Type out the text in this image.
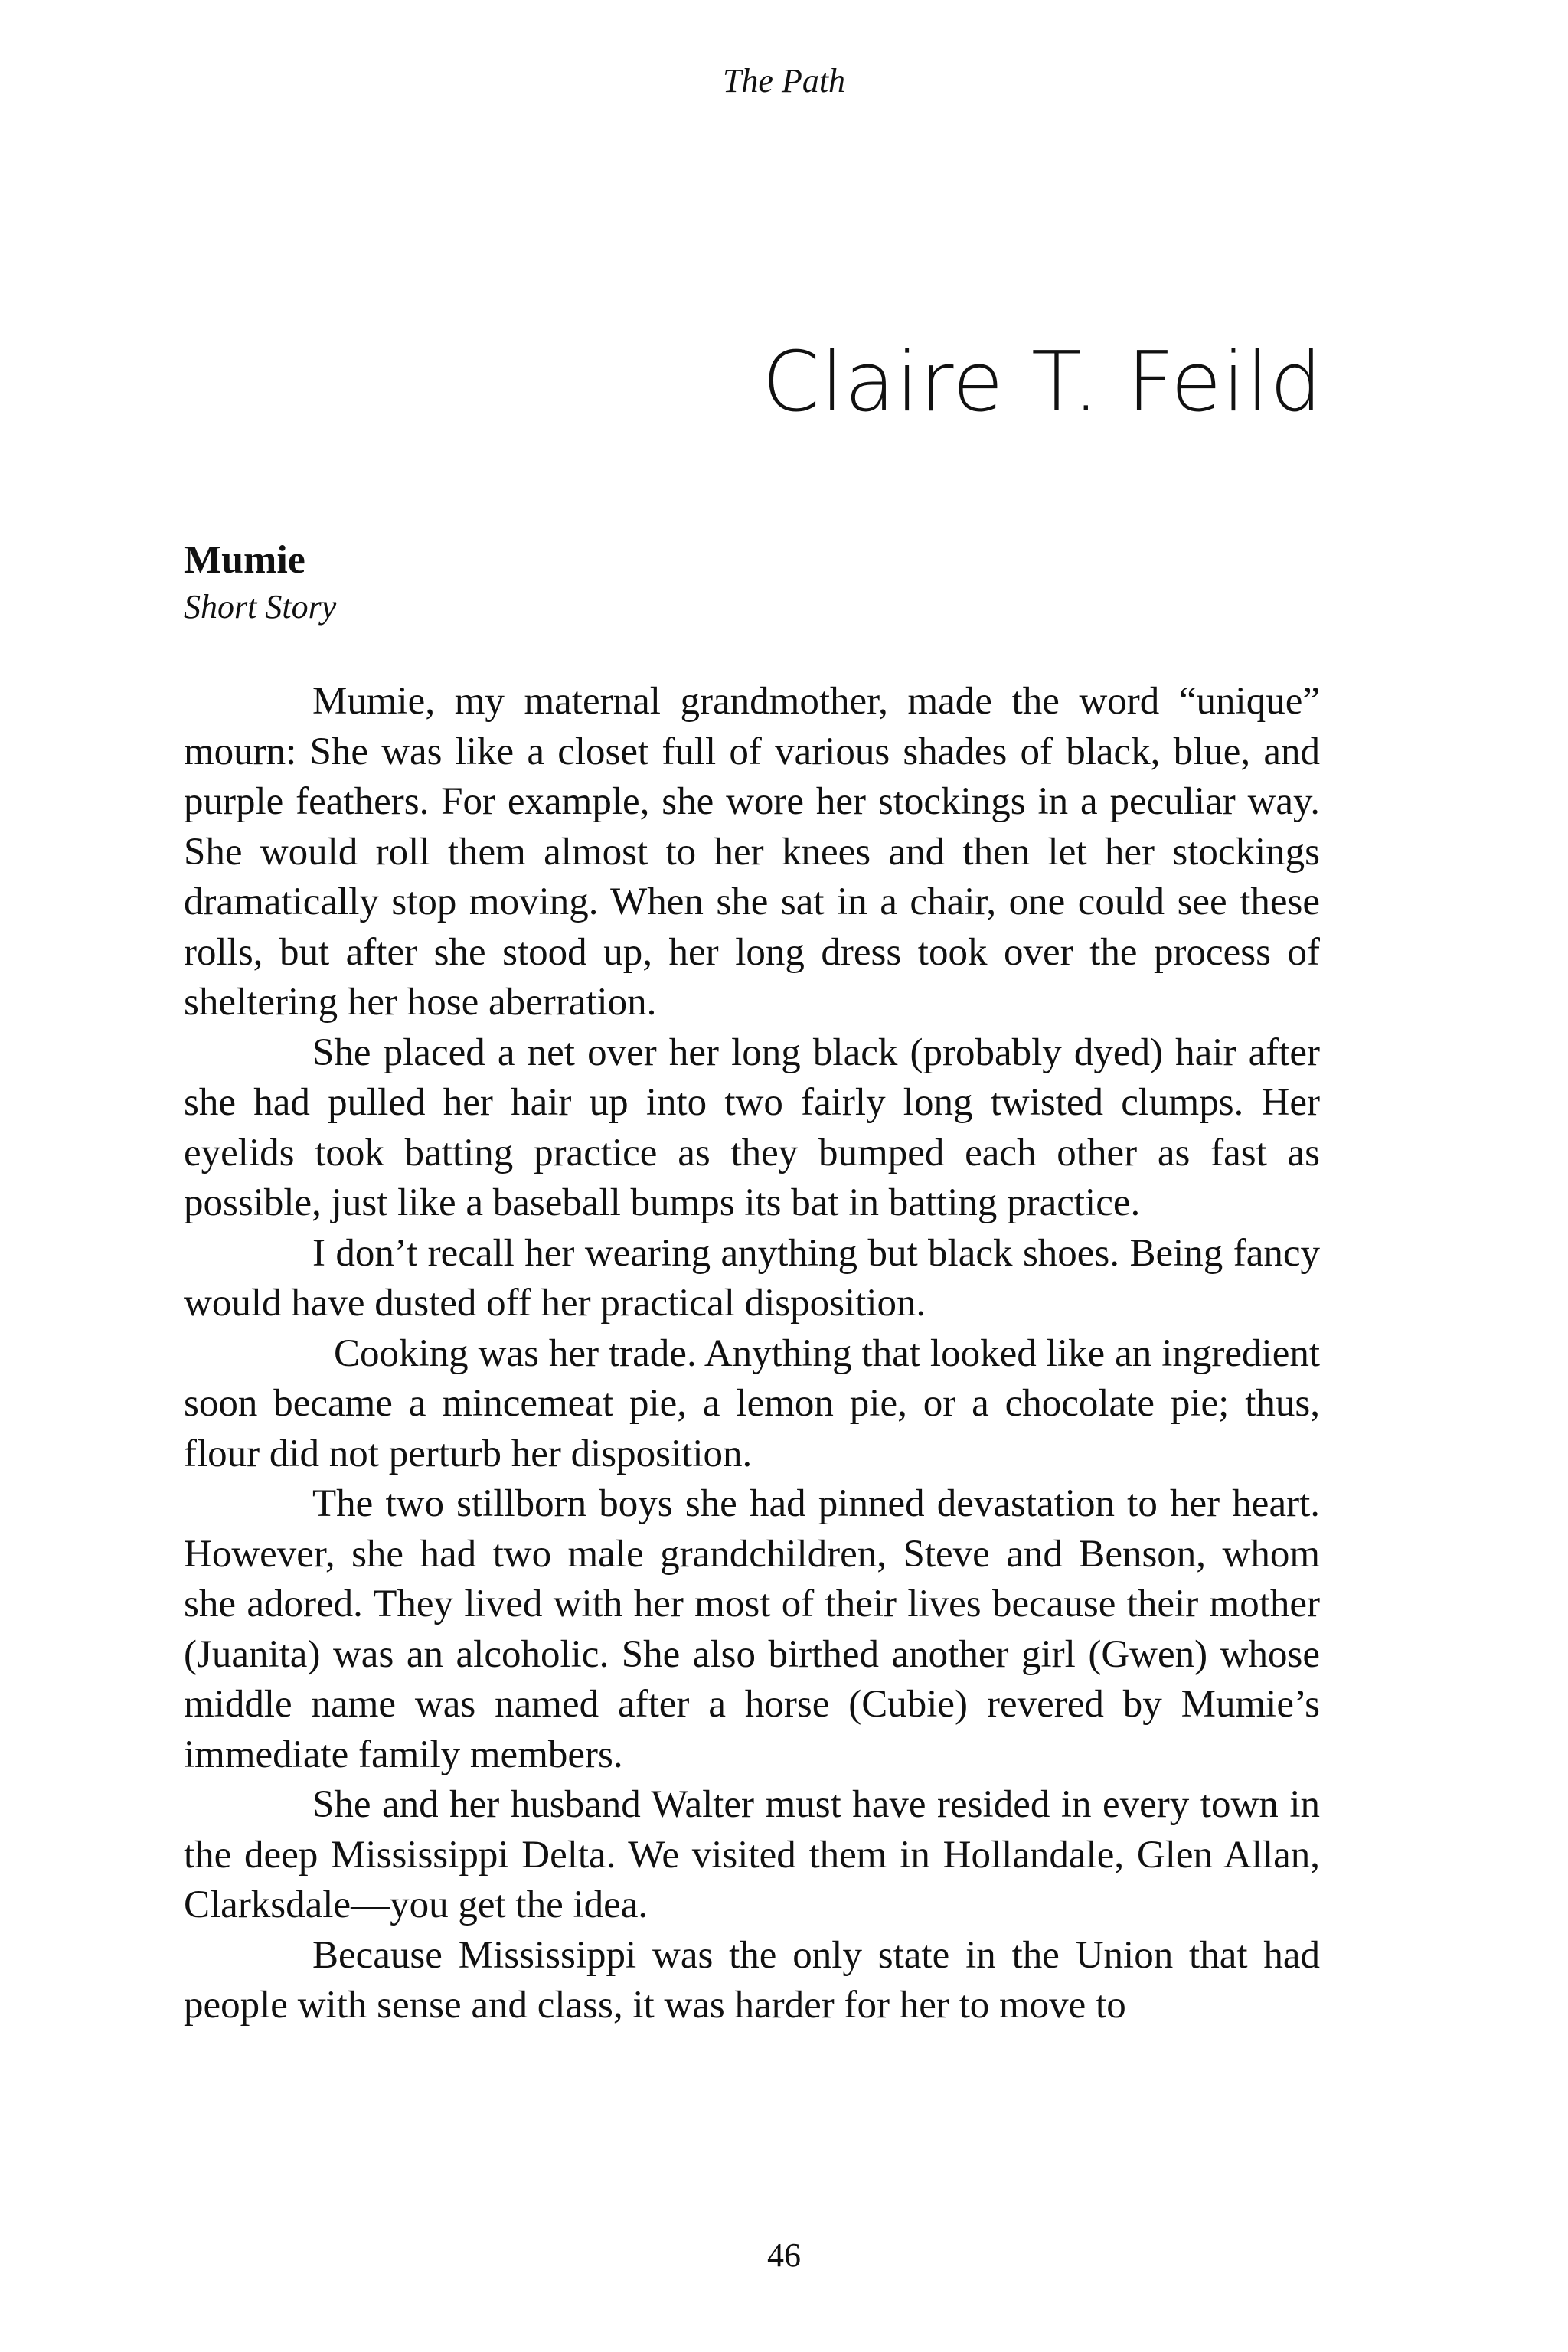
The Path
Claire T. Feild
Mumie
Short Story

Mumie, my maternal grandmother, made the word “unique” mourn: She was like a closet full of various shades of black, blue, and purple feathers. For example, she wore her stockings in a peculiar way. She would roll them almost to her knees and then let her stockings dramatically stop moving. When she sat in a chair, one could see these rolls, but after she stood up, her long dress took over the process of sheltering her hose aberration.

She placed a net over her long black (probably dyed) hair after she had pulled her hair up into two fairly long twisted clumps. Her eyelids took batting practice as they bumped each other as fast as possible, just like a baseball bumps its bat in batting practice.

I don’t recall her wearing anything but black shoes. Being fancy would have dusted off her practical disposition.

Cooking was her trade. Anything that looked like an ingredient soon became a mincemeat pie, a lemon pie, or a chocolate pie; thus, flour did not perturb her disposition.

The two stillborn boys she had pinned devastation to her heart. However, she had two male grandchildren, Steve and Benson, whom she adored. They lived with her most of their lives because their mother (Juanita) was an alcoholic. She also birthed another girl (Gwen) whose middle name was named after a horse (Cubie) revered by Mumie’s immediate family members.

She and her husband Walter must have resided in every town in the deep Mississippi Delta. We visited them in Hollandale, Glen Allan, Clarksdale—you get the idea.

Because Mississippi was the only state in the Union that had people with sense and class, it was harder for her to move to

46
